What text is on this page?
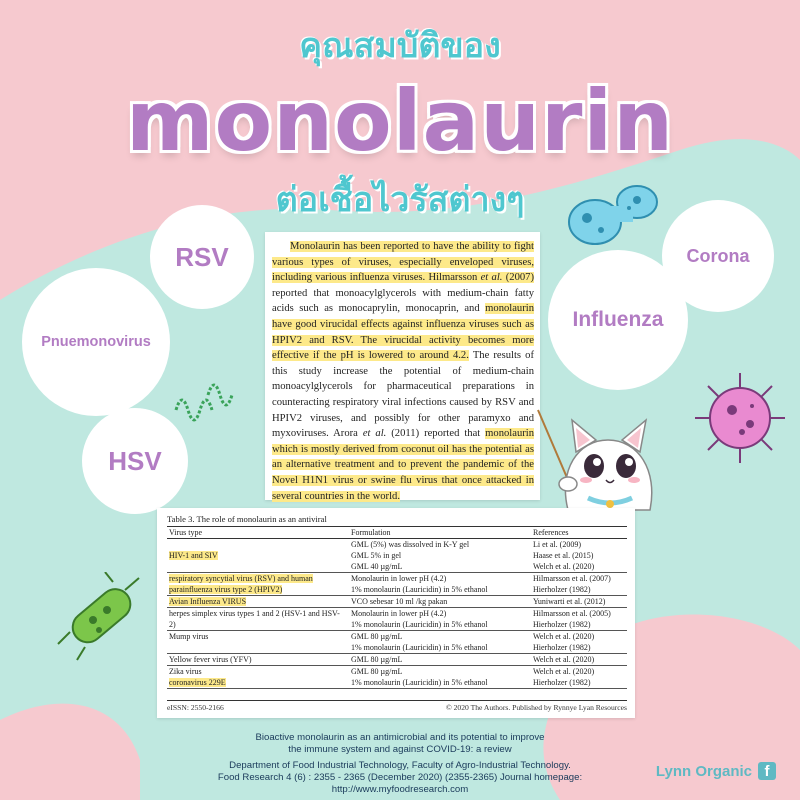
คุณสมบัติของ
monolaurin
ต่อเชื้อไวรัสต่างๆ
RSV
Pnuemonovirus
HSV
Corona
Influenza
Monolaurin has been reported to have the ability to fight various types of viruses, especially enveloped viruses, including various influenza viruses. Hilmarsson et al. (2007) reported that monoacylglycerols with medium-chain fatty acids such as monocaprylin, monocaprin, and monolaurin have good virucidal effects against influenza viruses such as HPIV2 and RSV. The virucidal activity becomes more effective if the pH is lowered to around 4.2. The results of this study increase the potential of medium-chain monoacylglycerols for pharmaceutical preparations in counteracting respiratory viral infections caused by RSV and HPIV2 viruses, and possibly for other paramyxo and myxoviruses. Arora et al. (2011) reported that monolaurin which is mostly derived from coconut oil has the potential as an alternative treatment and to prevent the pandemic of the Novel H1N1 virus or swine flu virus that once attacked in several countries in the world.
Table 3. The role of monolaurin as an antiviral
Virus type	Formulation	References
	GML (5%) was dissolved in K-Y gel	Li et al. (2009)
HIV-1 and SIV	GML 5% in gel	Haase et al. (2015)
	GML 40 µg/mL	Welch et al. (2020)
respiratory syncytial virus (RSV) and human	Monolaurin in lower pH (4.2)	Hilmarsson et al. (2007)
parainfluenza virus type 2 (HPIV2)	1% monolaurin (Lauricidin) in 5% ethanol	Hierholzer (1982)
Avian Influenza VIRUS	VCO sebesar 10 ml /kg pakan	Yuniwarti et al. (2012)
herpes simplex virus types 1 and 2 (HSV-1 and HSV-	Monolaurin in lower pH (4.2)	Hilmarsson et al. (2005)
2)	1% monolaurin (Lauricidin) in 5% ethanol	Hierholzer (1982)
Mump virus	GML 80 µg/mL	Welch et al. (2020)
	1% monolaurin (Lauricidin) in 5% ethanol	Hierholzer (1982)
Yellow fever virus (YFV)	GML 80 µg/mL	Welch et al. (2020)
Zika virus	GML 80 µg/mL	Welch et al. (2020)
coronavirus 229E	1% monolaurin (Lauricidin) in 5% ethanol	Hierholzer (1982)
eISSN: 2550-2166	© 2020 The Authors. Published by Rynnye Lyan Resources
Bioactive monolaurin as an antimicrobial and its potential to improve
the immune system and against COVID-19: a review
Department of Food Industrial Technology, Faculty of Agro-Industrial Technology.
Food Research 4 (6) : 2355 - 2365 (December 2020) (2355-2365) Journal homepage: http://www.myfoodresearch.com
Lynn Organic f
